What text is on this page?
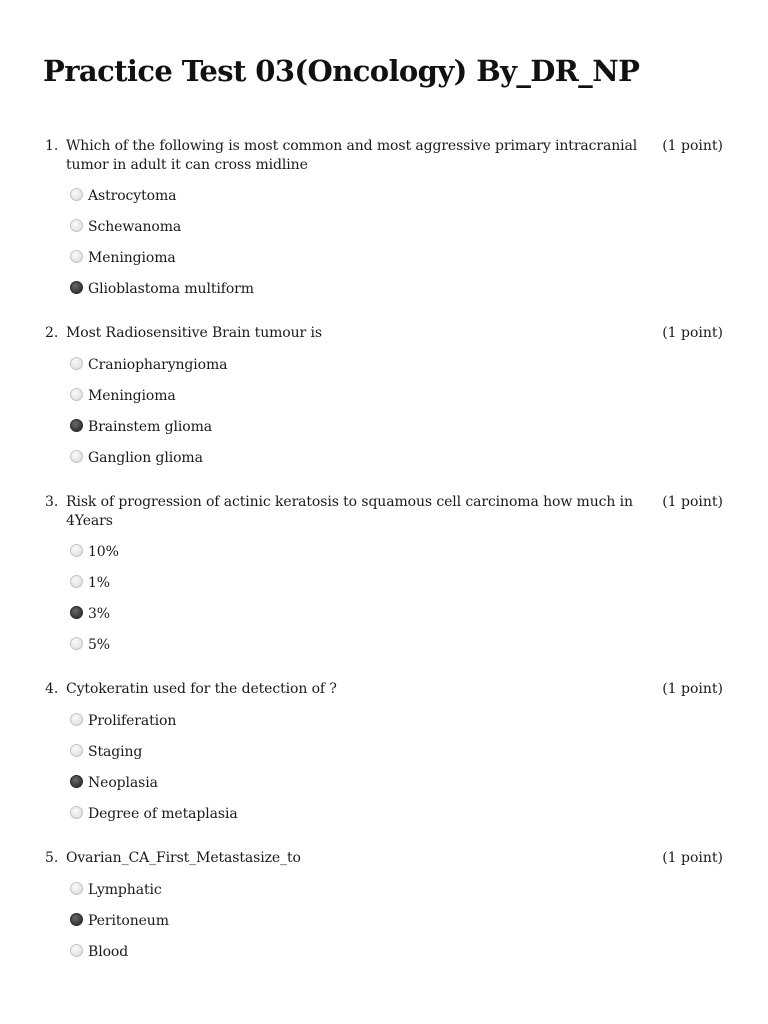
Practice Test 03(Oncology) By_DR_NP
1. Which of the following is most common and most aggressive primary intracranial tumor in adult it can cross midline
(1 point)
Astrocytoma
Schewanoma
Meningioma
Glioblastoma multiform
2. Most Radiosensitive Brain tumour is	(1 point)
Craniopharyngioma
Meningioma
Brainstem glioma
Ganglion glioma
3. Risk of progression of actinic keratosis to squamous cell carcinoma how much in 4Years
(1 point)
10%
1%
3%
5%
4. Cytokeratin used for the detection of ?	(1 point)
Proliferation
Staging
Neoplasia
Degree of metaplasia
5. Ovarian_CA_First_Metastasize_to	(1 point)
Lymphatic
Peritoneum
Blood
